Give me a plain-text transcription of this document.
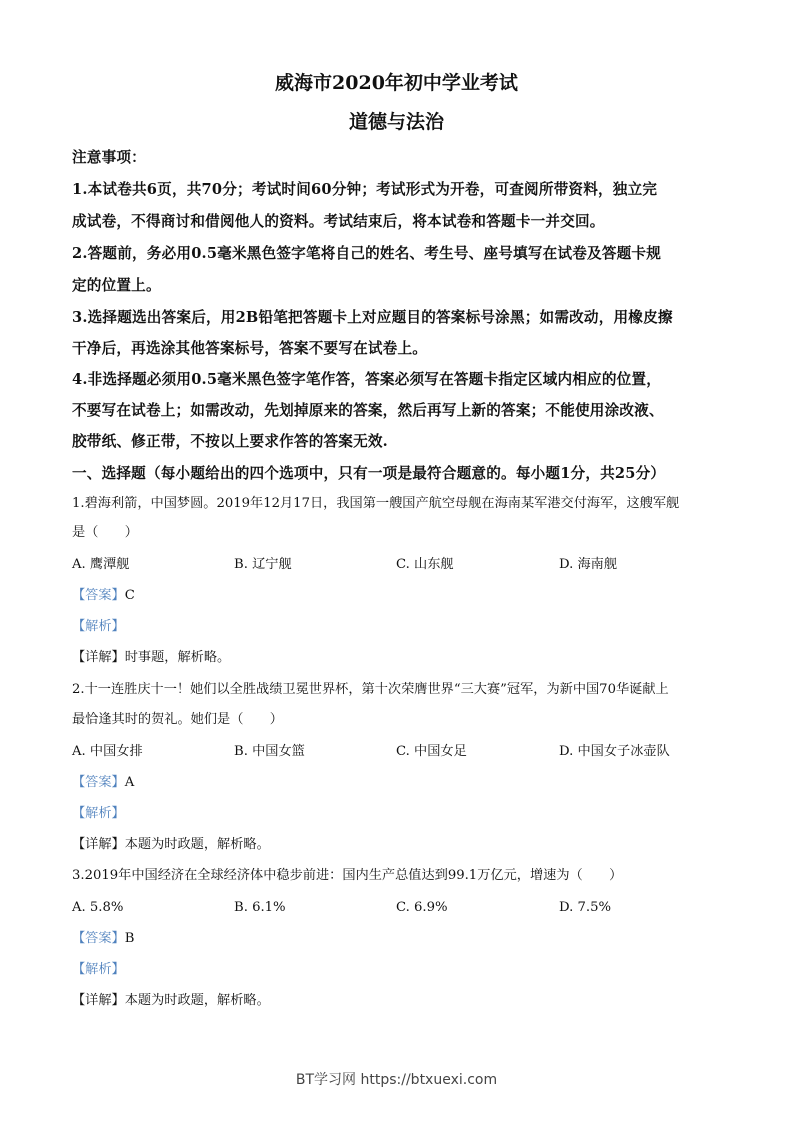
威海市2020年初中学业考试
道德与法治
注意事项：
1.本试卷共6页，共70分；考试时间60分钟；考试形式为开卷，可查阅所带资料，独立完
成试卷，不得商讨和借阅他人的资料。考试结束后，将本试卷和答题卡一并交回。
2.答题前，务必用0.5毫米黑色签字笔将自己的姓名、考生号、座号填写在试卷及答题卡规
定的位置上。
3.选择题选出答案后，用2B铅笔把答题卡上对应题目的答案标号涂黑；如需改动，用橡皮擦
干净后，再选涂其他答案标号，答案不要写在试卷上。
4.非选择题必须用0.5毫米黑色签字笔作答，答案必须写在答题卡指定区域内相应的位置，
不要写在试卷上；如需改动，先划掉原来的答案，然后再写上新的答案；不能使用涂改液、
胶带纸、修正带，不按以上要求作答的答案无效.
一、选择题（每小题给出的四个选项中，只有一项是最符合题意的。每小题1分，共25分）
1.碧海利箭，中国梦圆。2019年12月17日，我国第一艘国产航空母舰在海南某军港交付海军，这艘军舰
是（　　）
A. 鹰潭舰	B. 辽宁舰	C. 山东舰	D. 海南舰
【答案】C
【解析】
【详解】时事题，解析略。
2.十一连胜庆十一！她们以全胜战绩卫冕世界杯，第十次荣膺世界“三大赛”冠军，为新中国70华诞献上
最恰逢其时的贺礼。她们是（　　）
A. 中国女排	B. 中国女篮	C. 中国女足	D. 中国女子冰壶队
【答案】A
【解析】
【详解】本题为时政题，解析略。
3.2019年中国经济在全球经济体中稳步前进：国内生产总值达到99.1万亿元，增速为（　　）
A. 5.8%	B. 6.1%	C. 6.9%	D. 7.5%
【答案】B
【解析】
【详解】本题为时政题，解析略。
BT学习网 https://btxuexi.com
